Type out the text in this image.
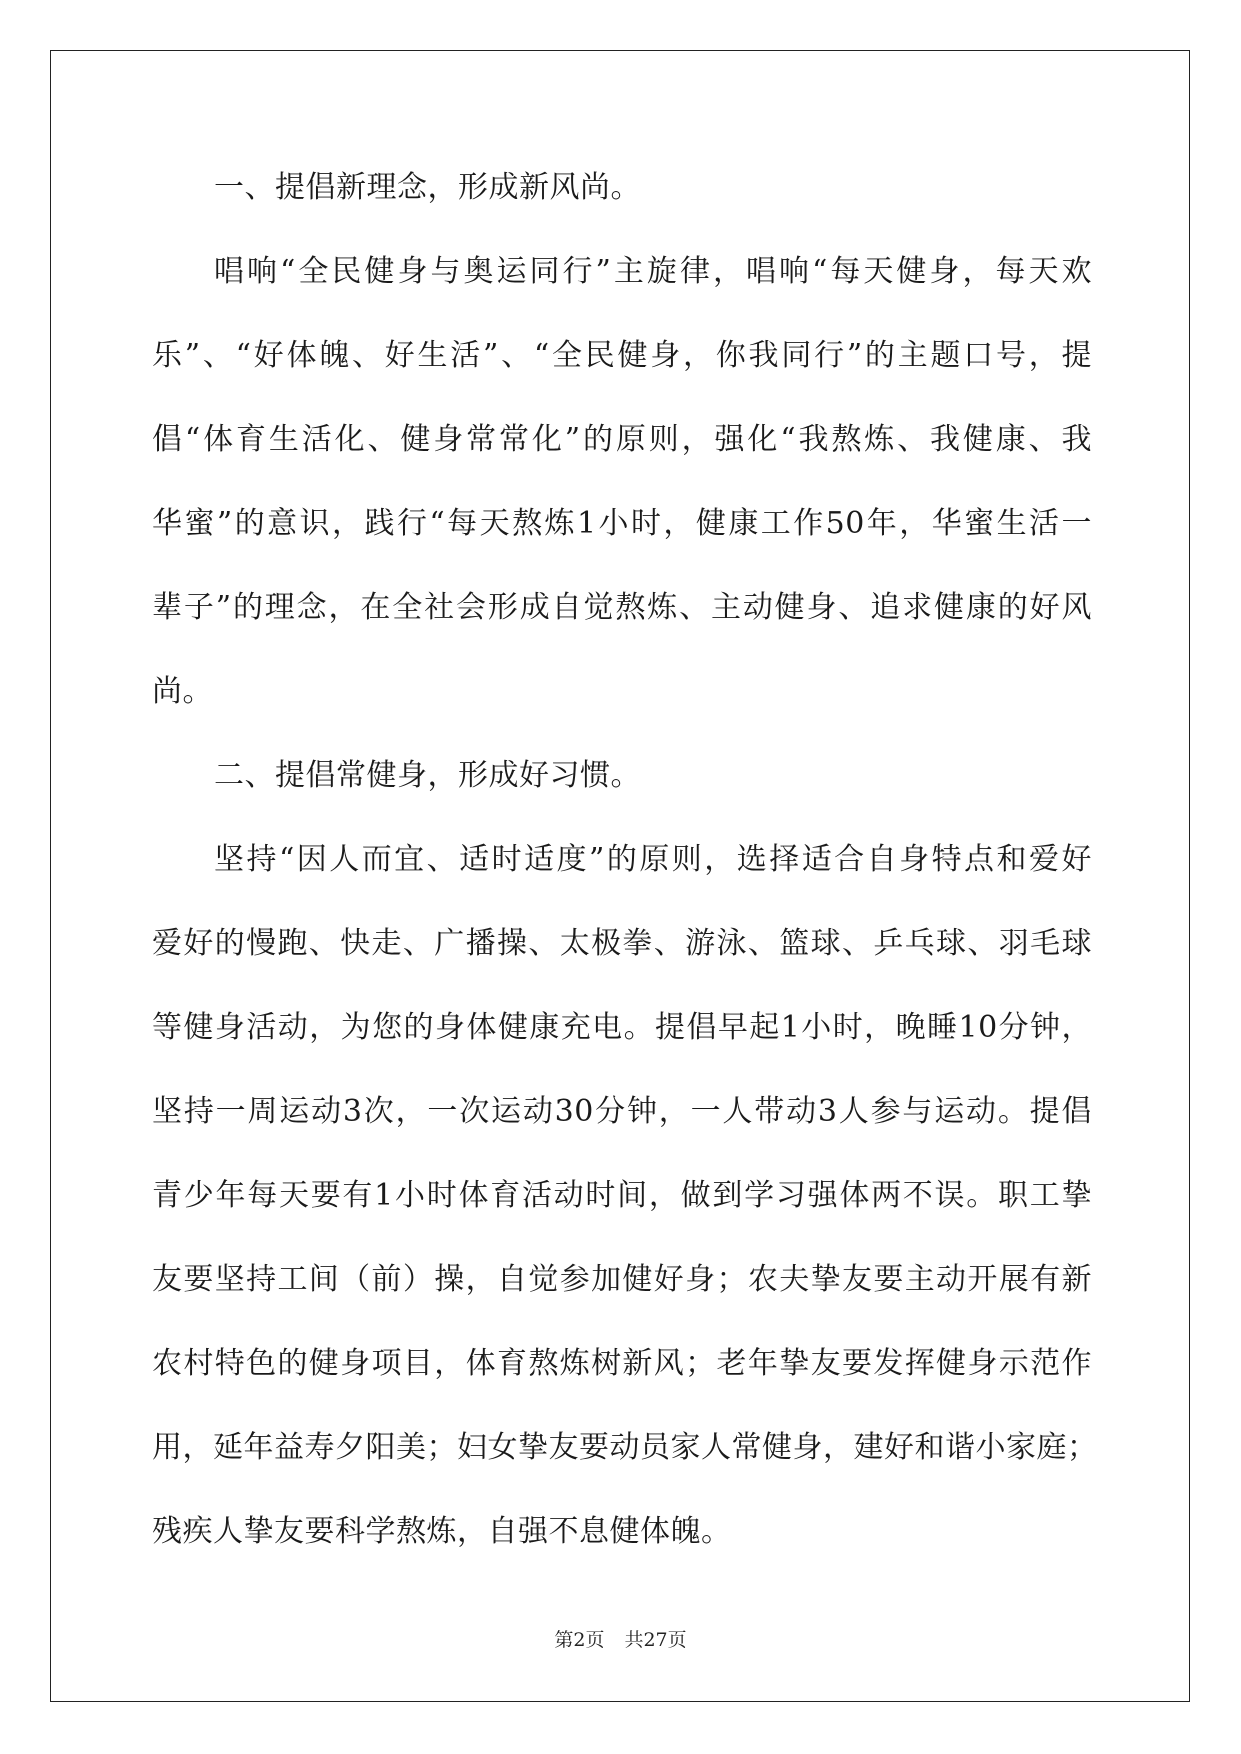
一、提倡新理念，形成新风尚。
唱响“全民健身与奥运同行”主旋律，唱响“每天健身，每天欢
乐”、“好体魄、好生活”、“全民健身，你我同行”的主题口号，提
倡“体育生活化、健身常常化”的原则，强化“我熬炼、我健康、我
华蜜”的意识，践行“每天熬炼1小时，健康工作50年，华蜜生活一
辈子”的理念，在全社会形成自觉熬炼、主动健身、追求健康的好风
尚。
二、提倡常健身，形成好习惯。
坚持“因人而宜、适时适度”的原则，选择适合自身特点和爱好
爱好的慢跑、快走、广播操、太极拳、游泳、篮球、乒乓球、羽毛球
等健身活动，为您的身体健康充电。提倡早起1小时，晚睡10分钟，
坚持一周运动3次，一次运动30分钟，一人带动3人参与运动。提倡
青少年每天要有1小时体育活动时间，做到学习强体两不误。职工挚
友要坚持工间（前）操，自觉参加健好身；农夫挚友要主动开展有新
农村特色的健身项目，体育熬炼树新风；老年挚友要发挥健身示范作
用，延年益寿夕阳美；妇女挚友要动员家人常健身，建好和谐小家庭；
残疾人挚友要科学熬炼，自强不息健体魄。
第2页 共27页
